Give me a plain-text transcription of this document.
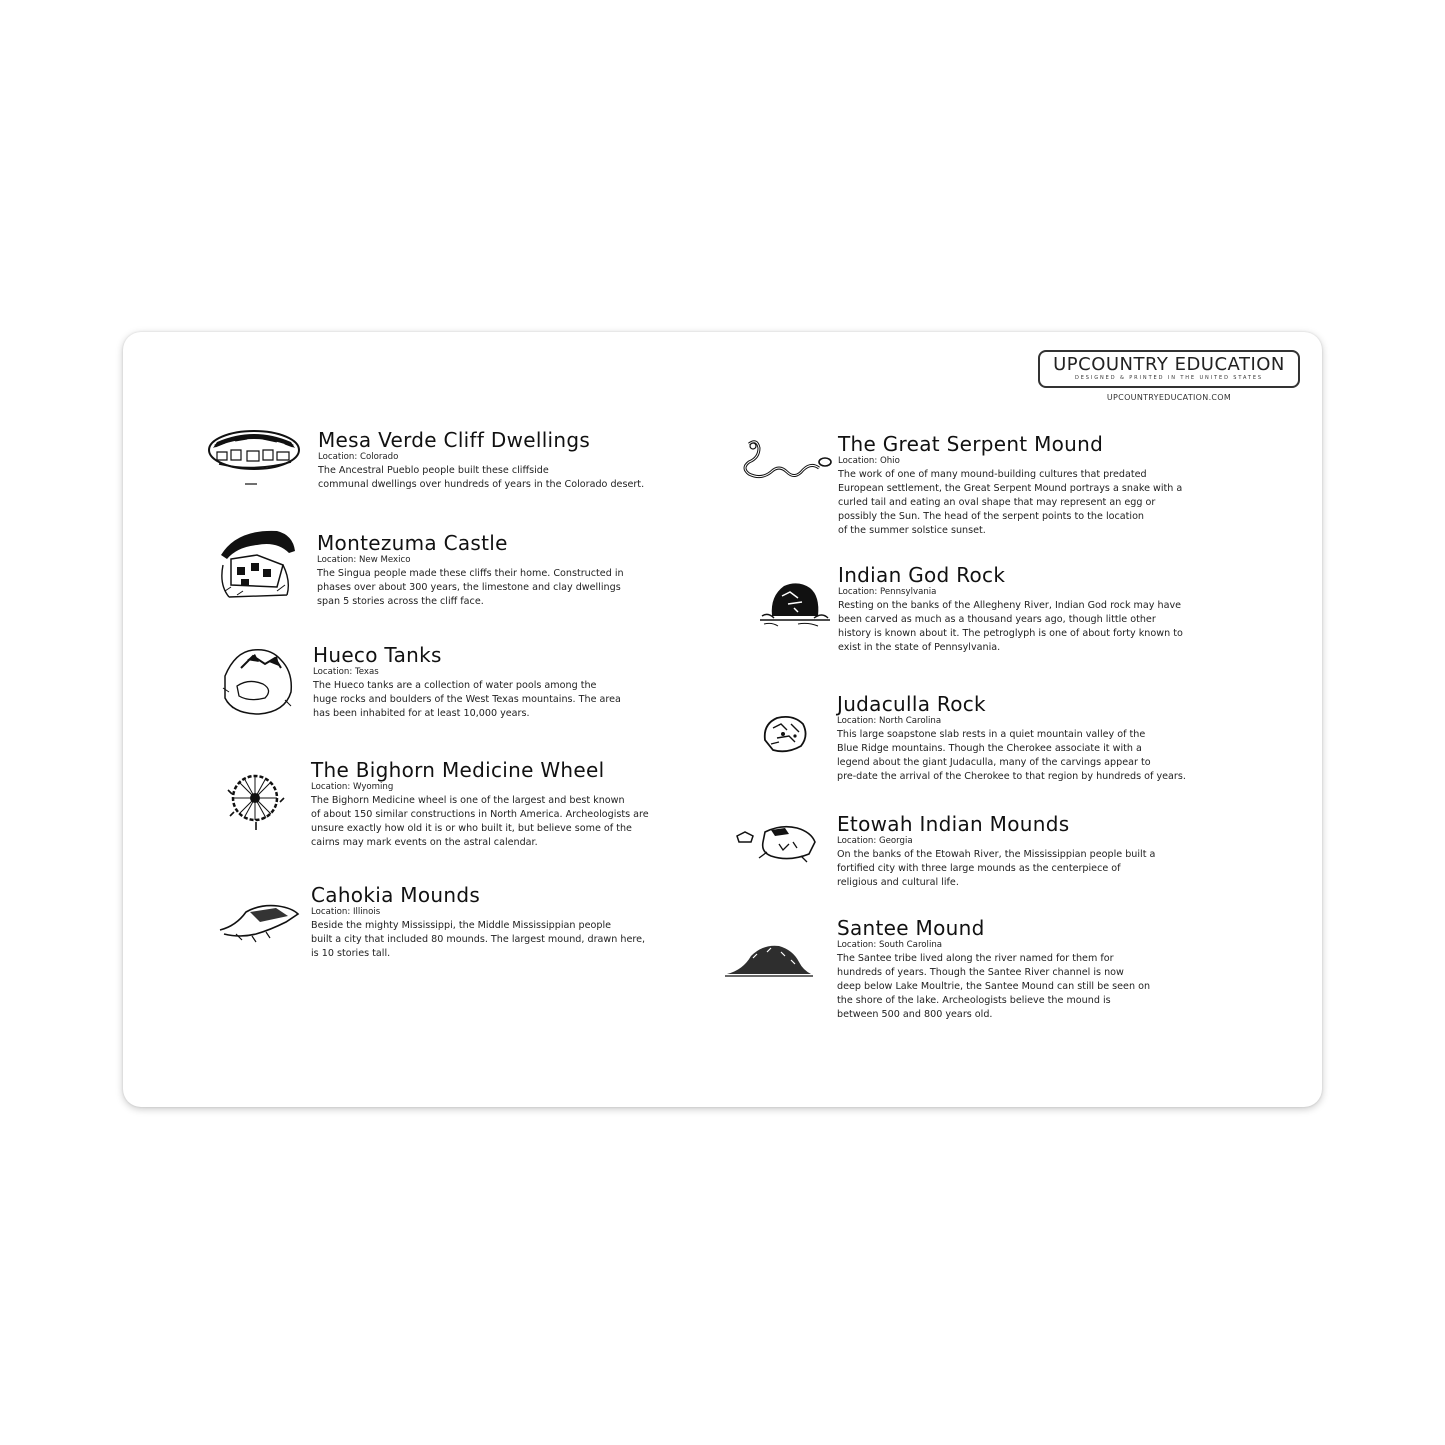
UPCOUNTRY EDUCATION
DESIGNED & PRINTED IN THE UNITED STATES
UPCOUNTRYEDUCATION.COM
Mesa Verde Cliff Dwellings
Location: Colorado
The Ancestral Pueblo people built these cliffside
communal dwellings over hundreds of years in the Colorado desert.
Montezuma Castle
Location: New Mexico
The Singua people made these cliffs their home. Constructed in
phases over about 300 years, the limestone and clay dwellings
span 5 stories across the cliff face.
Hueco Tanks
Location: Texas
The Hueco tanks are a collection of water pools among the
huge rocks and boulders of the West Texas mountains. The area
has been inhabited for at least 10,000 years.
The Bighorn Medicine Wheel
Location: Wyoming
The Bighorn Medicine wheel is one of the largest and best known
of about 150 similar constructions in North America. Archeologists are
unsure exactly how old it is or who built it, but believe some of the
cairns may mark events on the astral calendar.
Cahokia Mounds
Location: Illinois
Beside the mighty Mississippi, the Middle Mississippian people
built a city that included 80 mounds. The largest mound, drawn here,
is 10 stories tall.
The Great Serpent Mound
Location: Ohio
The work of one of many mound-building cultures that predated
European settlement, the Great Serpent Mound portrays a snake with a
curled tail and eating an oval shape that may represent an egg or
possibly the Sun. The head of the serpent points to the location
of the summer solstice sunset.
Indian God Rock
Location: Pennsylvania
Resting on the banks of the Allegheny River, Indian God rock may have
been carved as much as a thousand years ago, though little other
history is known about it. The petroglyph is one of about forty known to
exist in the state of Pennsylvania.
Judaculla Rock
Location: North Carolina
This large soapstone slab rests in a quiet mountain valley of the
Blue Ridge mountains. Though the Cherokee associate it with a
legend about the giant Judaculla, many of the carvings appear to
pre-date the arrival of the Cherokee to that region by hundreds of years.
Etowah Indian Mounds
Location: Georgia
On the banks of the Etowah River, the Mississippian people built a
fortified city with three large mounds as the centerpiece of
religious and cultural life.
Santee Mound
Location: South Carolina
The Santee tribe lived along the river named for them for
hundreds of years. Though the Santee River channel is now
deep below Lake Moultrie, the Santee Mound can still be seen on
the shore of the lake. Archeologists believe the mound is
between 500 and 800 years old.
